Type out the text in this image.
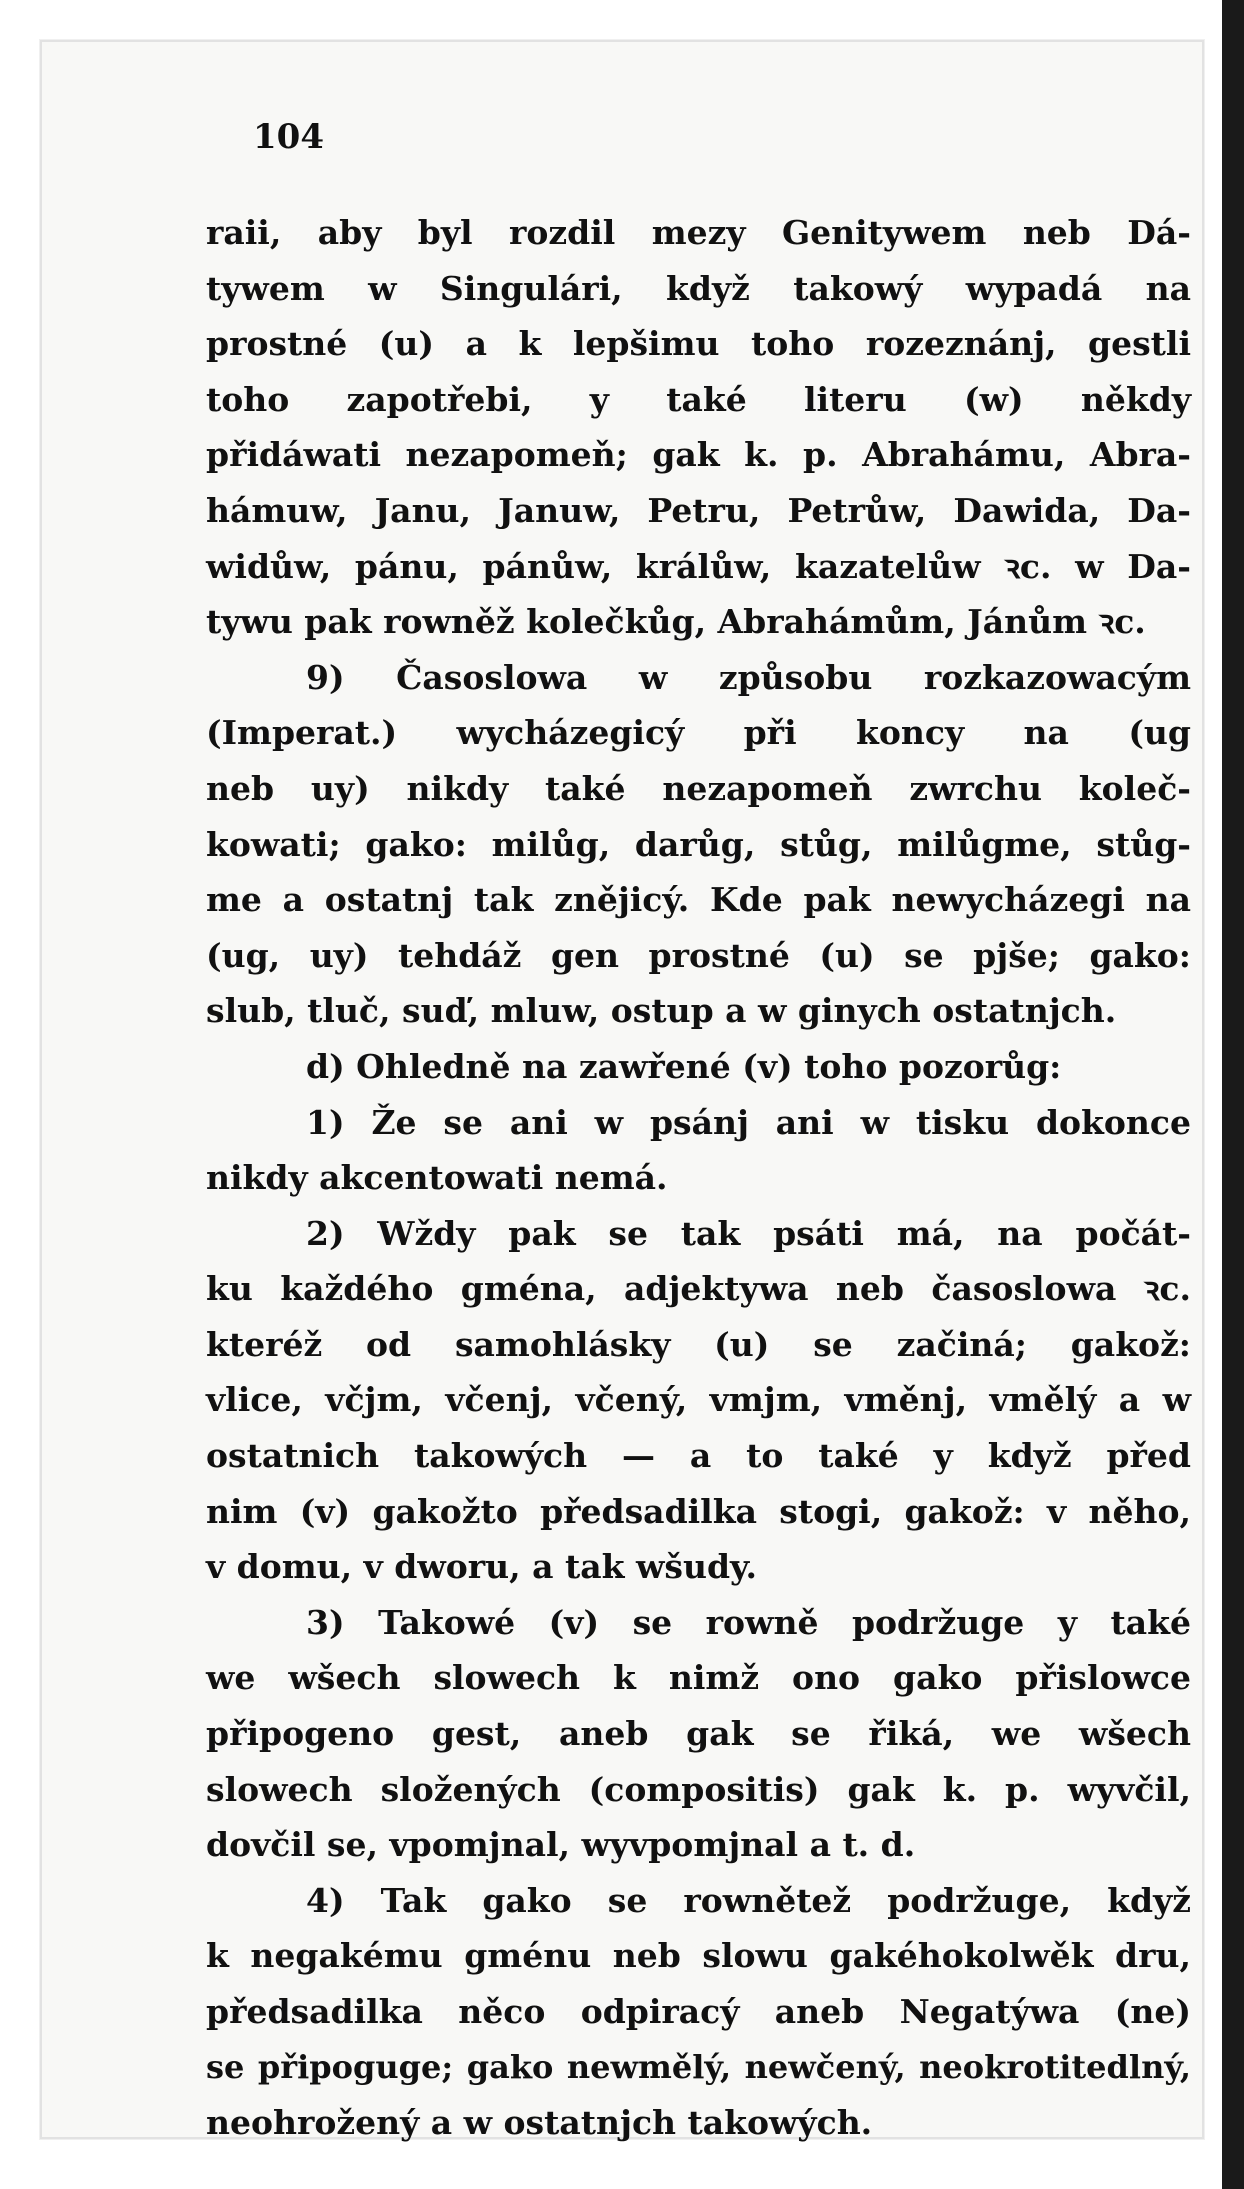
104
raii, aby byl rozdil mezy Genitywem neb Dá-
tywem w Singulári, když takowý wypadá na
prostné (u) a k lepšimu toho rozeznánj, gestli
toho zapotřebi, y také literu (w) někdy
přidáwati nezapomeň; gak k. p. Abrahámu, Abra-
hámuw, Janu, Januw, Petru, Petrůw, Dawida, Da-
widůw, pánu, pánůw, králůw, kazatelůw ꝛc. w Da-
tywu pak rowněž kolečkůg, Abrahámům, Jánům ꝛc.
9) Časoslowa w způsobu rozkazowacým
(Imperat.) wycházegicý při koncy na (ug
neb uy) nikdy také nezapomeň zwrchu koleč-
kowati; gako: milůg, darůg, stůg, milůgme, stůg-
me a ostatnj tak znějicý. Kde pak newycházegi na
(ug, uy) tehdáž gen prostné (u) se pjše; gako:
slub, tluč, suď, mluw, ostup a w ginych ostatnjch.
d) Ohledně na zawřené (v) toho pozorůg:
1) Že se ani w psánj ani w tisku dokonce
nikdy akcentowati nemá.
2) Wždy pak se tak psáti má, na počát-
ku každého gména, adjektywa neb časoslowa ꝛc.
kteréž od samohlásky (u) se začiná; gakož:
vlice, včjm, včenj, včený, vmjm, vměnj, vmělý a w
ostatnich takowých — a to také y když před
nim (v) gakožto předsadilka stogi, gakož: v něho,
v domu, v dworu, a tak wšudy.
3) Takowé (v) se rowně podržuge y také
we wšech slowech k nimž ono gako přislowce
připogeno gest, aneb gak se řiká, we wšech
slowech složených (compositis) gak k. p. wyvčil,
dovčil se, vpomjnal, wyvpomjnal a t. d.
4) Tak gako se rownětež podržuge, když
k negakému gménu neb slowu gakéhokolwěk dru,
předsadilka něco odpiracý aneb Negatýwa (ne)
se připoguge; gako newmělý, newčený, neokrotitedlný,
neohrožený a w ostatnjch takowých.
